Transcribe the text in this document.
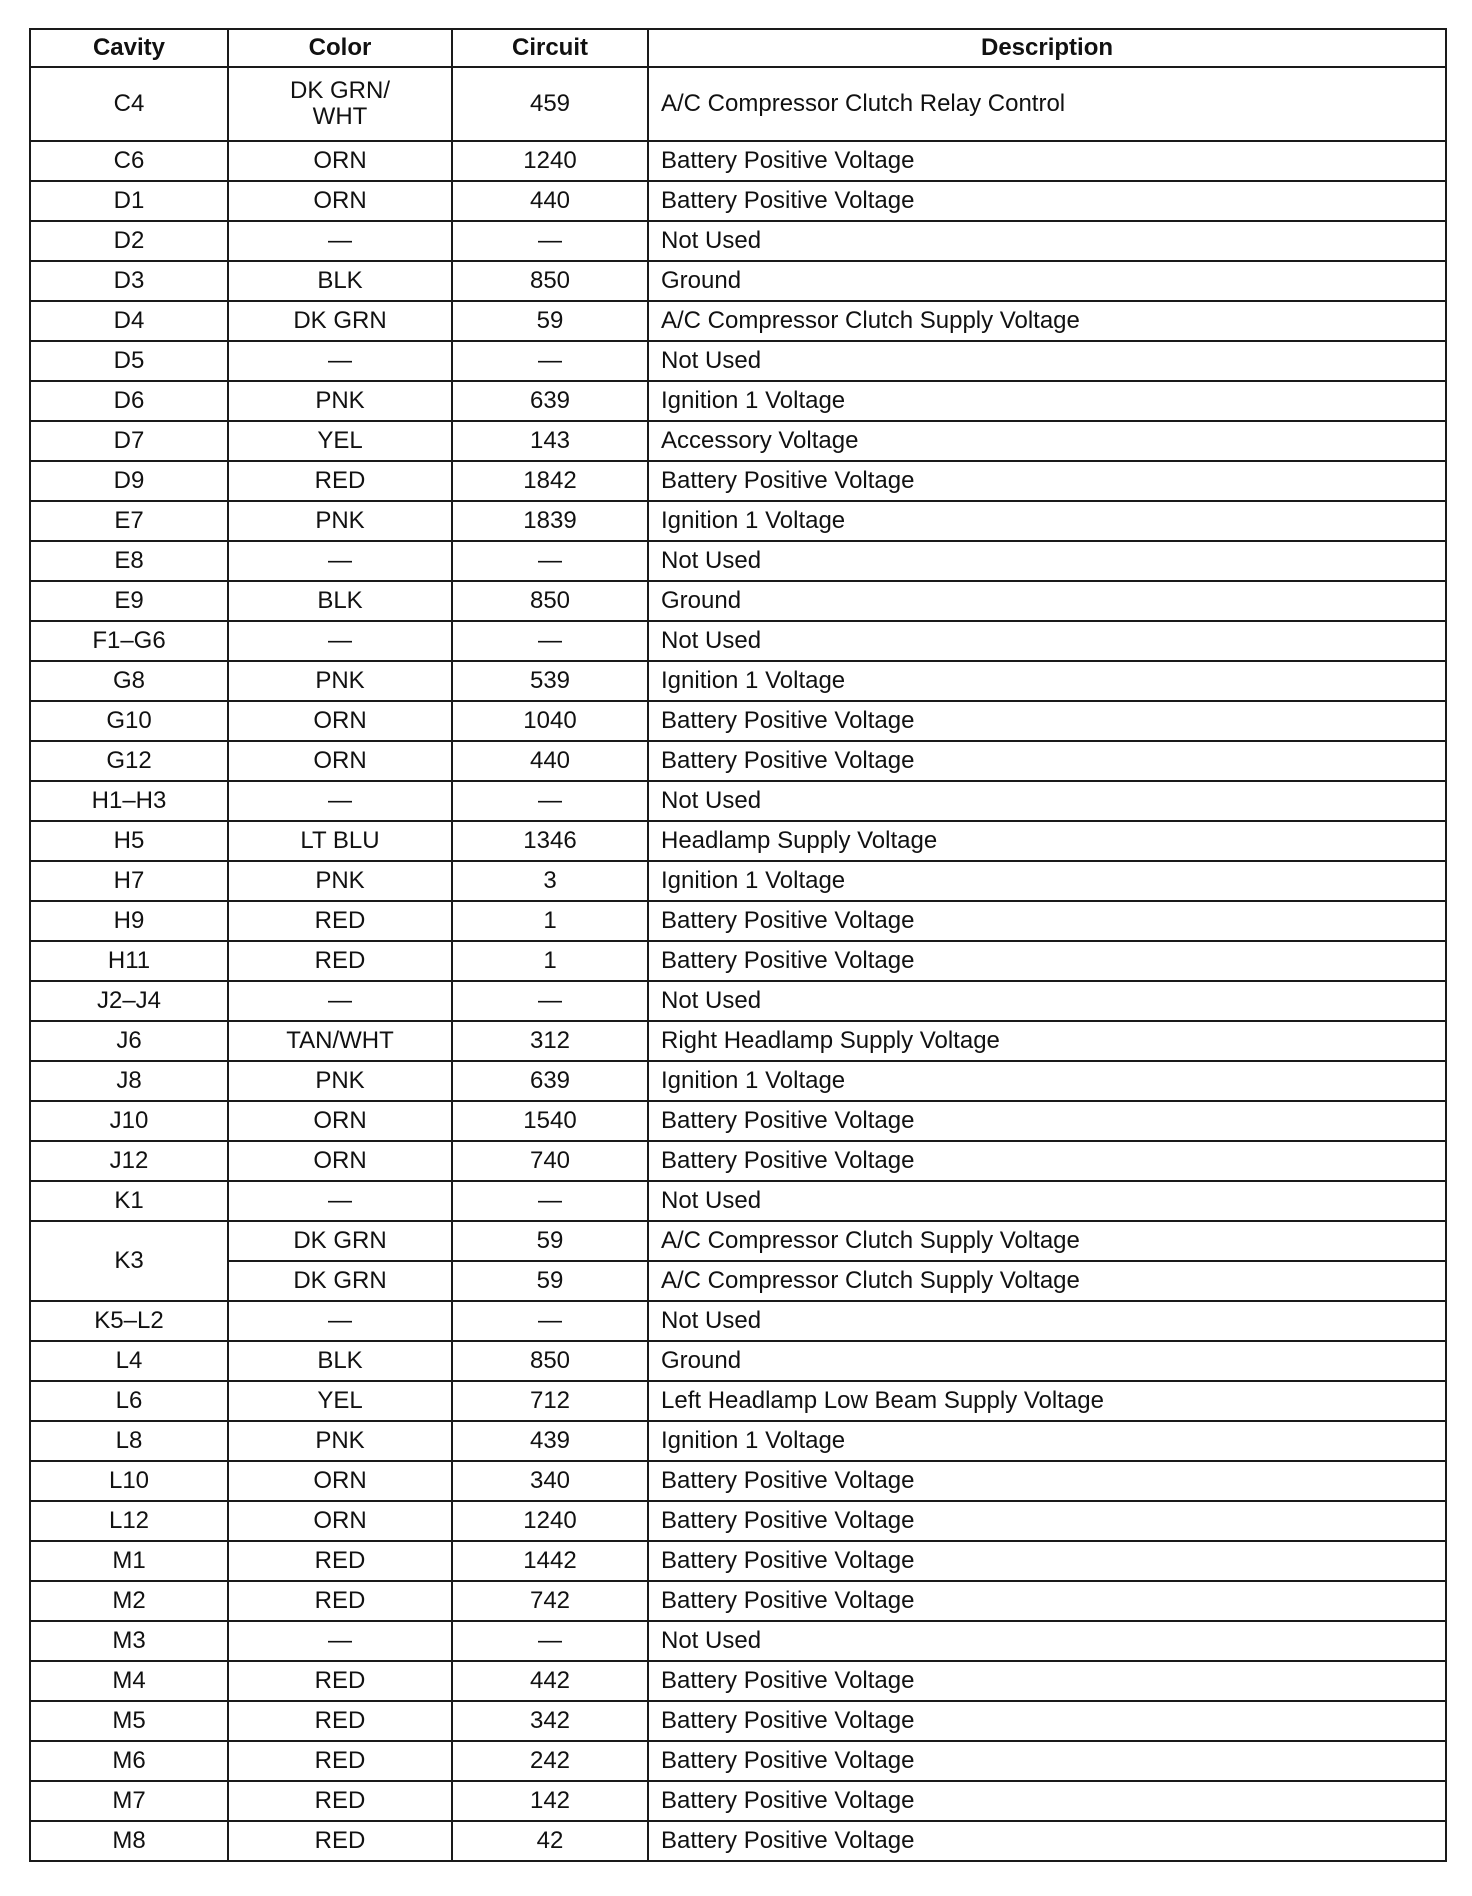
Cavity	Color	Circuit	Description
C4	DK GRN/ WHT	459	A/C Compressor Clutch Relay Control
C6	ORN	1240	Battery Positive Voltage
D1	ORN	440	Battery Positive Voltage
D2	—	—	Not Used
D3	BLK	850	Ground
D4	DK GRN	59	A/C Compressor Clutch Supply Voltage
D5	—	—	Not Used
D6	PNK	639	Ignition 1 Voltage
D7	YEL	143	Accessory Voltage
D9	RED	1842	Battery Positive Voltage
E7	PNK	1839	Ignition 1 Voltage
E8	—	—	Not Used
E9	BLK	850	Ground
F1–G6	—	—	Not Used
G8	PNK	539	Ignition 1 Voltage
G10	ORN	1040	Battery Positive Voltage
G12	ORN	440	Battery Positive Voltage
H1–H3	—	—	Not Used
H5	LT BLU	1346	Headlamp Supply Voltage
H7	PNK	3	Ignition 1 Voltage
H9	RED	1	Battery Positive Voltage
H11	RED	1	Battery Positive Voltage
J2–J4	—	—	Not Used
J6	TAN/WHT	312	Right Headlamp Supply Voltage
J8	PNK	639	Ignition 1 Voltage
J10	ORN	1540	Battery Positive Voltage
J12	ORN	740	Battery Positive Voltage
K1	—	—	Not Used
K3	DK GRN	59	A/C Compressor Clutch Supply Voltage
	DK GRN	59	A/C Compressor Clutch Supply Voltage
K5–L2	—	—	Not Used
L4	BLK	850	Ground
L6	YEL	712	Left Headlamp Low Beam Supply Voltage
L8	PNK	439	Ignition 1 Voltage
L10	ORN	340	Battery Positive Voltage
L12	ORN	1240	Battery Positive Voltage
M1	RED	1442	Battery Positive Voltage
M2	RED	742	Battery Positive Voltage
M3	—	—	Not Used
M4	RED	442	Battery Positive Voltage
M5	RED	342	Battery Positive Voltage
M6	RED	242	Battery Positive Voltage
M7	RED	142	Battery Positive Voltage
M8	RED	42	Battery Positive Voltage
